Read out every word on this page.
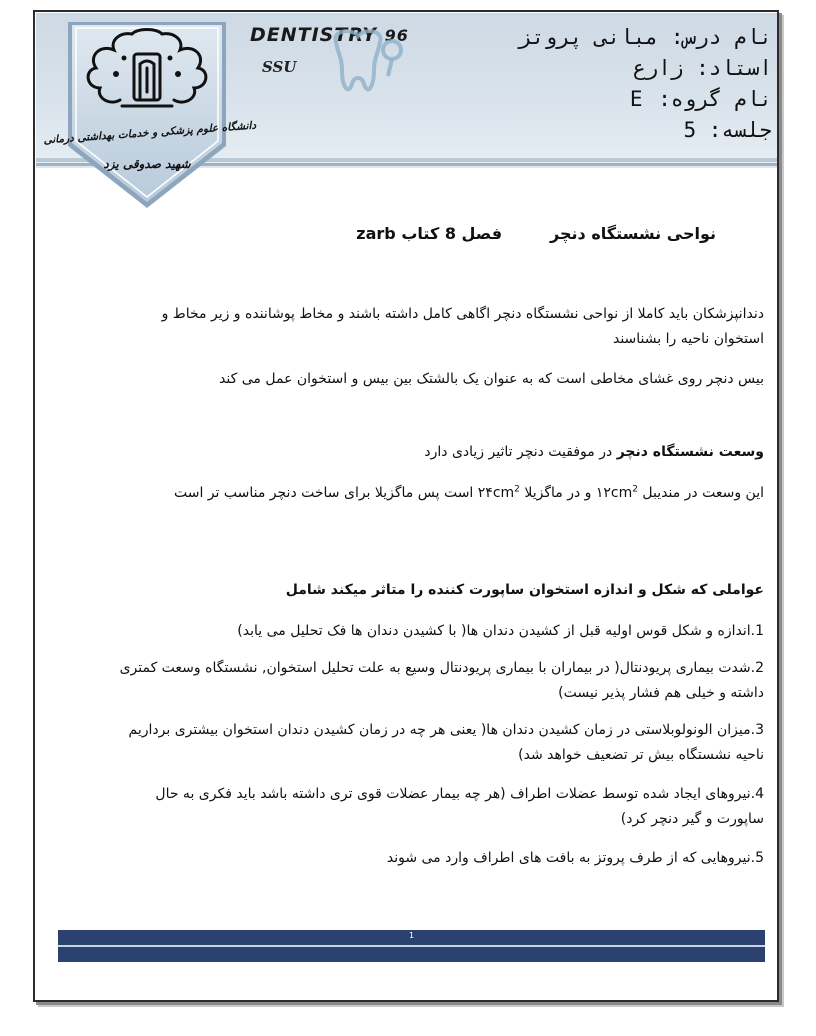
دانشگاه علوم پزشکی و خدمات بهداشتی درمانی
شهید صدوقی یزد
DENTISTRY 96
SSU
نام درس: مبانی پروتز
استاد: زارع
نام گروه: E
جلسه: 5
نواحی نشستگاه دنچرفصل 8 کتاب zarb
دندانپزشکان باید کاملا از نواحی نشستگاه دنچر اگاهی کامل داشته باشند و مخاط پوشاننده و زیر مخاط و استخوان ناحیه را بشناسند
بیس دنچر روی غشای مخاطی است که به عنوان یک بالشتک بین بیس و استخوان عمل می کند
وسعت نشستگاه دنچر در موفقیت دنچر تاثیر زیادی دارد
این وسعت در مندیبل $۱۲cm^2$ و در ماگزیلا $۲۴cm^2$ است پس ماگزیلا برای ساخت دنچر مناسب تر است
عواملی که شکل و اندازه استخوان ساپورت کننده را متاثر میکند شامل
1.اندازه و شکل قوس اولیه قبل از کشیدن دندان ها( با کشیدن دندان ها فک تحلیل می یابد)
2.شدت بیماری پریودنتال( در بیماران با بیماری پریودنتال وسیع به علت تحلیل استخوان, نشستگاه وسعت کمتری داشته و خیلی هم فشار پذیر نیست)
3.میزان الونولوبلاستی در زمان کشیدن دندان ها( یعنی هر چه در زمان کشیدن دندان استخوان بیشتری برداریم ناحیه نشستگاه بیش تر تضعیف خواهد شد)
4.نیروهای ایجاد شده توسط عضلات اطراف (هر چه بیمار عضلات قوی تری داشته باشد باید فکری به حال ساپورت و گیر دنچر کرد)
5.نیروهایی که از طرف پروتز به بافت های اطراف وارد می شوند
1
